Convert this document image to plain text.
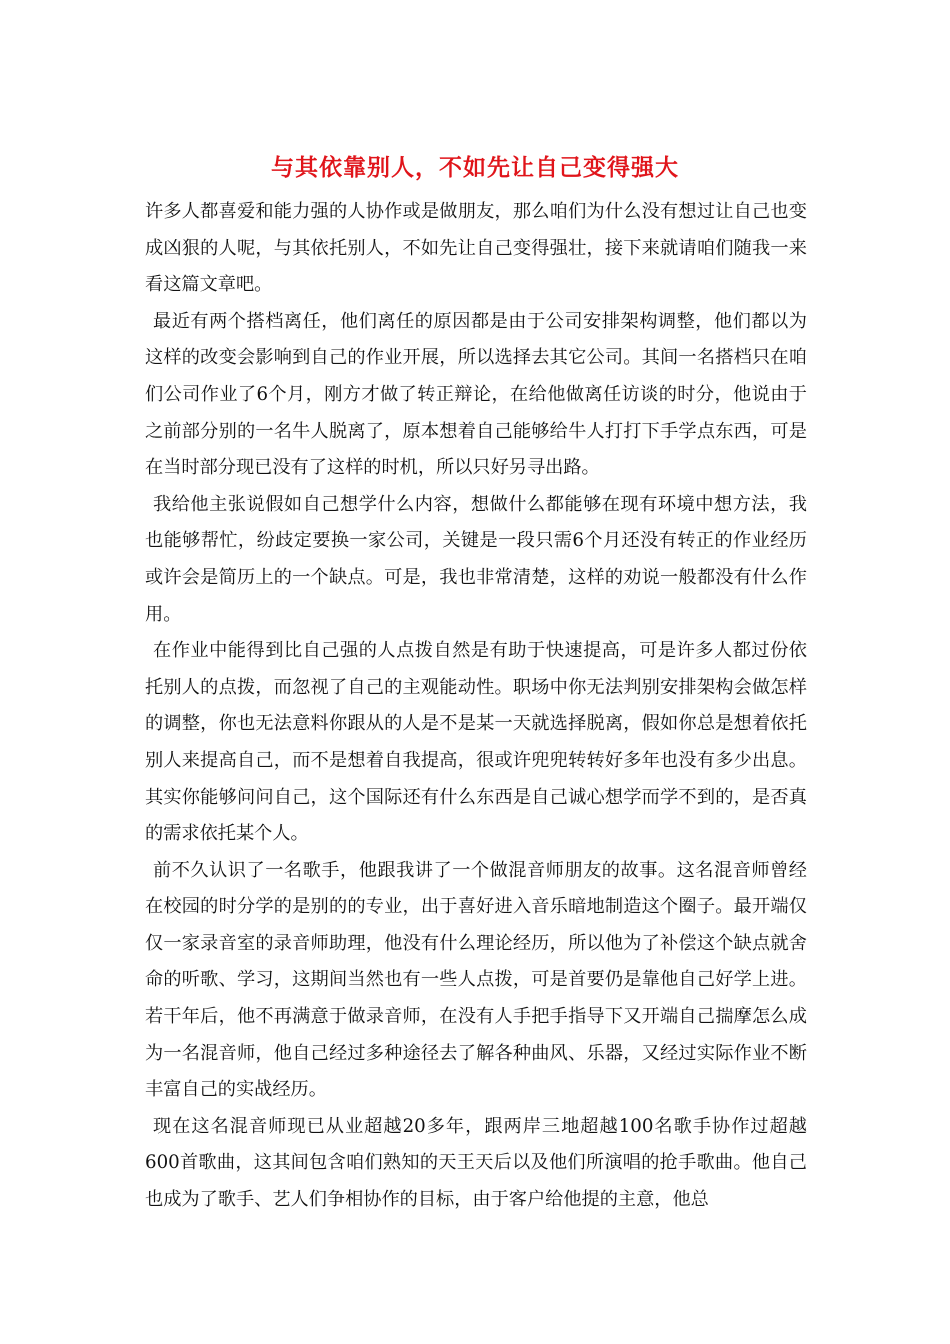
与其依靠别人，不如先让自己变得强大

许多人都喜爱和能力强的人协作或是做朋友，那么咱们为什么没有想过让自己也变成凶狠的人呢，与其依托别人，不如先让自己变得强壮，接下来就请咱们随我一来看这篇文章吧。

最近有两个搭档离任，他们离任的原因都是由于公司安排架构调整，他们都以为这样的改变会影响到自己的作业开展，所以选择去其它公司。其间一名搭档只在咱们公司作业了6个月，刚方才做了转正辩论，在给他做离任访谈的时分，他说由于之前部分别的一名牛人脱离了，原本想着自己能够给牛人打打下手学点东西，可是在当时部分现已没有了这样的时机，所以只好另寻出路。

我给他主张说假如自己想学什么内容，想做什么都能够在现有环境中想方法，我也能够帮忙，纷歧定要换一家公司，关键是一段只需6个月还没有转正的作业经历或许会是简历上的一个缺点。可是，我也非常清楚，这样的劝说一般都没有什么作用。

在作业中能得到比自己强的人点拨自然是有助于快速提高，可是许多人都过份依托别人的点拨，而忽视了自己的主观能动性。职场中你无法判别安排架构会做怎样的调整，你也无法意料你跟从的人是不是某一天就选择脱离，假如你总是想着依托别人来提高自己，而不是想着自我提高，很或许兜兜转转好多年也没有多少出息。其实你能够问问自己，这个国际还有什么东西是自己诚心想学而学不到的，是否真的需求依托某个人。

前不久认识了一名歌手，他跟我讲了一个做混音师朋友的故事。这名混音师曾经在校园的时分学的是别的的专业，出于喜好进入音乐暗地制造这个圈子。最开端仅仅一家录音室的录音师助理，他没有什么理论经历，所以他为了补偿这个缺点就舍命的听歌、学习，这期间当然也有一些人点拨，可是首要仍是靠他自己好学上进。若干年后，他不再满意于做录音师，在没有人手把手指导下又开端自己揣摩怎么成为一名混音师，他自己经过多种途径去了解各种曲风、乐器，又经过实际作业不断丰富自己的实战经历。

现在这名混音师现已从业超越20多年，跟两岸三地超越100名歌手协作过超越600首歌曲，这其间包含咱们熟知的天王天后以及他们所演唱的抢手歌曲。他自己也成为了歌手、艺人们争相协作的目标，由于客户给他提的主意，他总
